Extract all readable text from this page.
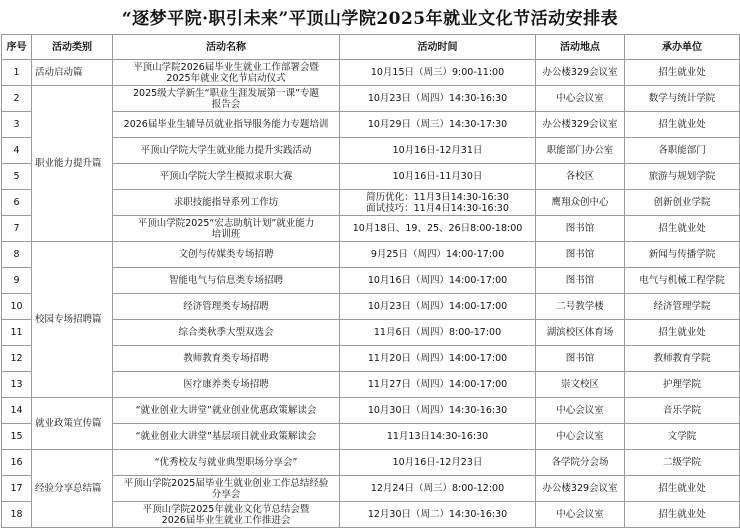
“逐梦平院·职引未来”平顶山学院2025年就业文化节活动安排表
序号	活动类别	活动名称	活动时间	活动地点	承办单位
1	活动启动篇	平顶山学院2026届毕业生就业工作部署会暨
2025年就业文化节启动仪式	10月15日（周三）9:00-11:00	办公楼329会议室	招生就业处
2	职业能力提升篇	2025级大学新生“职业生涯发展第一课”专题
报告会	10月23日（周四）14:30-16:30	中心会议室	数学与统计学院
3		2026届毕业生辅导员就业指导服务能力专题培训	10月29日（周三）14:30-17:30	办公楼329会议室	招生就业处
4		平顶山学院大学生就业能力提升实践活动	10月16日-12月31日	职能部门办公室	各职能部门
5		平顶山学院大学生模拟求职大赛	10月16日-11月30日	各校区	旅游与规划学院
6		求职技能指导系列工作坊	简历优化：11月3日14:30-16:30
面试技巧：11月4日14:30-16:30	鹰翔众创中心	创新创业学院
7		平顶山学院2025“宏志助航计划”就业能力
培训班	10月18日、19、25、26日8:00-18:00	图书馆	招生就业处
8	校园专场招聘篇	文创与传媒类专场招聘	9月25日（周四）14:00-17:00	图书馆	新闻与传播学院
9		智能电气与信息类专场招聘	10月16日（周四）14:00-17:00	图书馆	电气与机械工程学院
10		经济管理类专场招聘	10月23日（周四）14:00-17:00	二号教学楼	经济管理学院
11		综合类秋季大型双选会	11月6日（周四）8:00-17:00	湖滨校区体育场	招生就业处
12		教师教育类专场招聘	11月20日（周四）14:00-17:00	图书馆	教师教育学院
13		医疗康养类专场招聘	11月27日（周四）14:00-17:00	崇文校区	护理学院
14	就业政策宣传篇	“就业创业大讲堂”就业创业优惠政策解读会	10月30日（周四）14:30-16:30	中心会议室	音乐学院
15		“就业创业大讲堂”基层项目就业政策解读会	11月13日14:30-16:30	中心会议室	文学院
16	经验分享总结篇	“优秀校友与就业典型职场分享会”	10月16日-12月23日	各学院分会场	二级学院
17		平顶山学院2025届毕业生就业创业工作总结经验
分享会	12月24日（周三）8:00-12:00	办公楼329会议室	招生就业处
18		平顶山学院2025年就业文化节总结会暨
2026届毕业生就业工作推进会	12月30日（周二）14:30-16:30	中心会议室	招生就业处
